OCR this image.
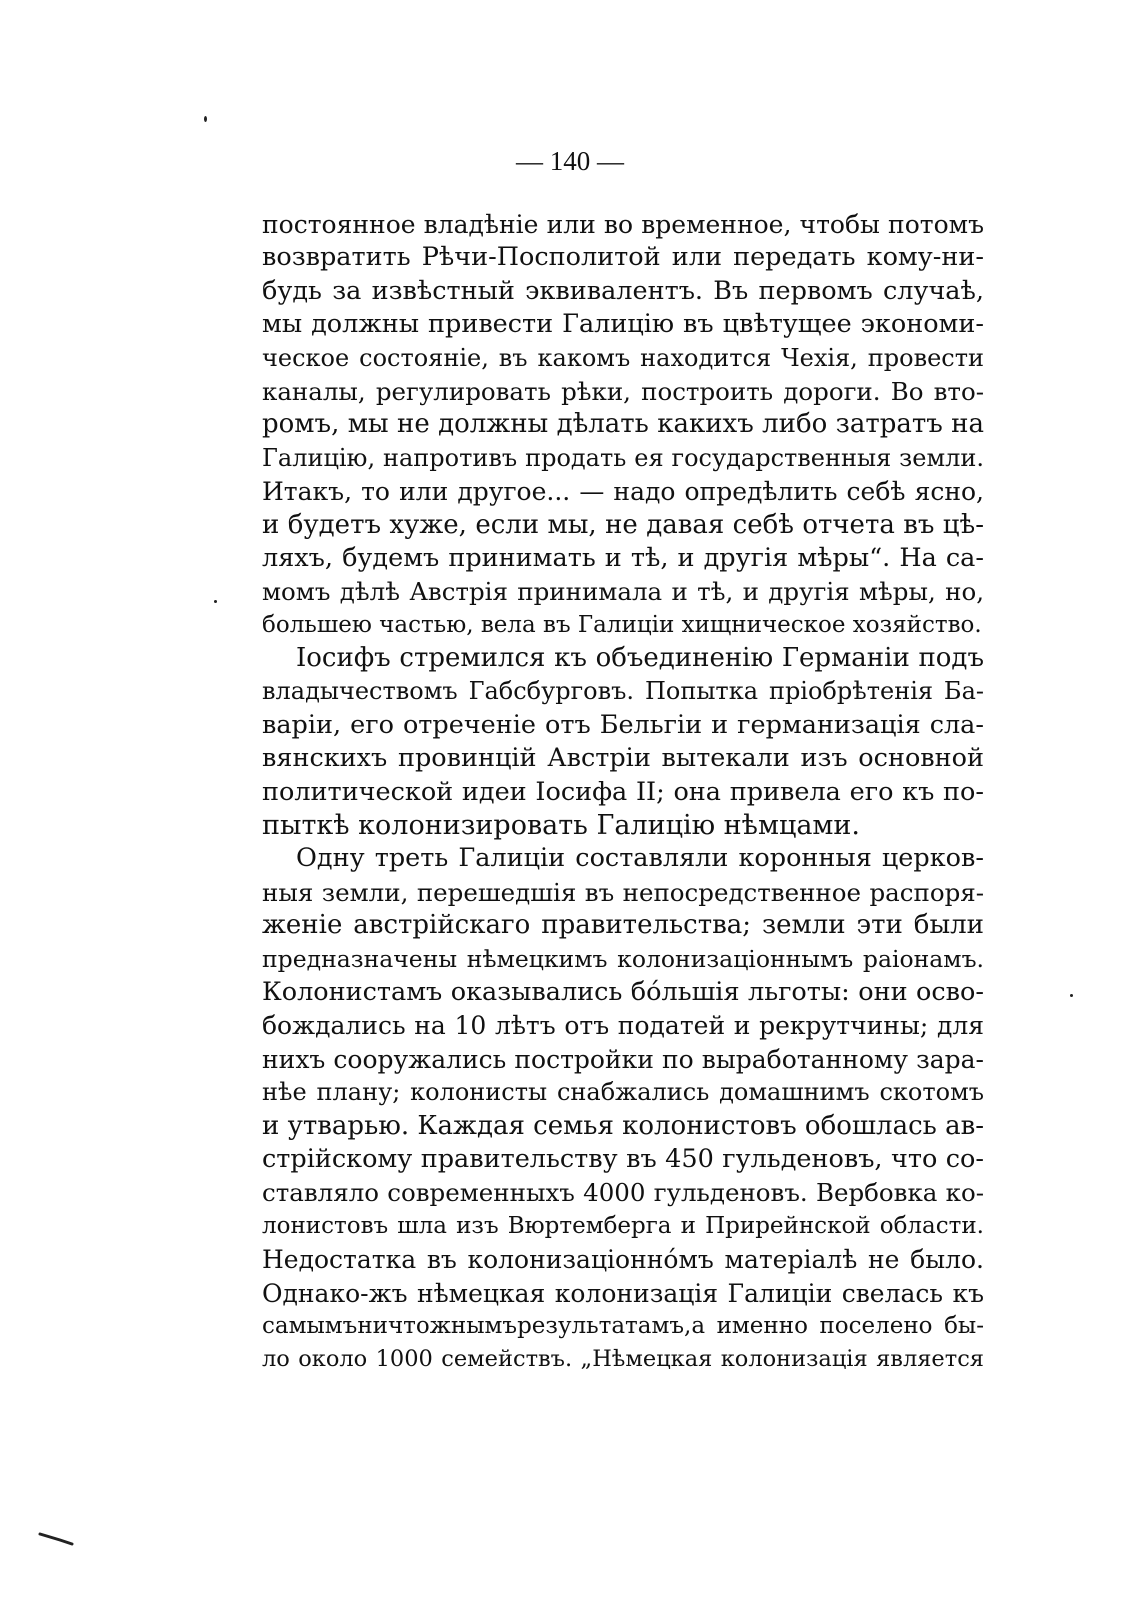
— 140 —
постоянное владѣніе или во временное, чтобы потомъ
возвратить Рѣчи-Посполитой или передать кому-ни-
будь за извѣстный эквивалентъ. Въ первомъ случаѣ,
мы должны привести Галицію въ цвѣтущее экономи-
ческое состояніе, въ какомъ находится Чехія, провести
каналы, регулировать рѣки, построить дороги. Во вто-
ромъ, мы не должны дѣлать какихъ либо затратъ на
Галицію, напротивъ продать ея государственныя земли.
Итакъ, то или другое... — надо опредѣлить себѣ ясно,
и будетъ хуже, если мы, не давая себѣ отчета въ цѣ-
ляхъ, будемъ принимать и тѣ, и другія мѣры“. На са-
момъ дѣлѣ Австрія принимала и тѣ, и другія мѣры, но,
большею частью, вела въ Галиціи хищническое хозяйство.
Іосифъ стремился къ объединенію Германіи подъ
владычествомъ Габсбурговъ. Попытка пріобрѣтенія Ба-
варіи, его отреченіе отъ Бельгіи и германизація сла-
вянскихъ провинцій Австріи вытекали изъ основной
политической идеи Іосифа II; она привела его къ по-
пыткѣ колонизировать Галицію нѣмцами.
Одну треть Галиціи составляли коронныя церков-
ныя земли, перешедшія въ непосредственное распоря-
женіе австрійскаго правительства; земли эти были
предназначены нѣмецкимъ колонизаціоннымъ раіонамъ.
Колонистамъ оказывались бо́льшія льготы: они осво-
бождались на 10 лѣтъ отъ податей и рекрутчины; для
нихъ сооружались постройки по выработанному зара-
нѣе плану; колонисты снабжались домашнимъ скотомъ
и утварью. Каждая семья колонистовъ обошлась ав-
стрійскому правительству въ 450 гульденовъ, что со-
ставляло современныхъ 4000 гульденовъ. Вербовка ко-
лонистовъ шла изъ Вюртемберга и Прирейнской области.
Недостатка въ колонизаціонно́мъ матеріалѣ не было.
Однако-жъ нѣмецкая колонизація Галиціи свелась къ
самымъничтожнымърезультатамъ,а именно поселено бы-
ло около 1000 семействъ. „Нѣмецкая колонизація является
